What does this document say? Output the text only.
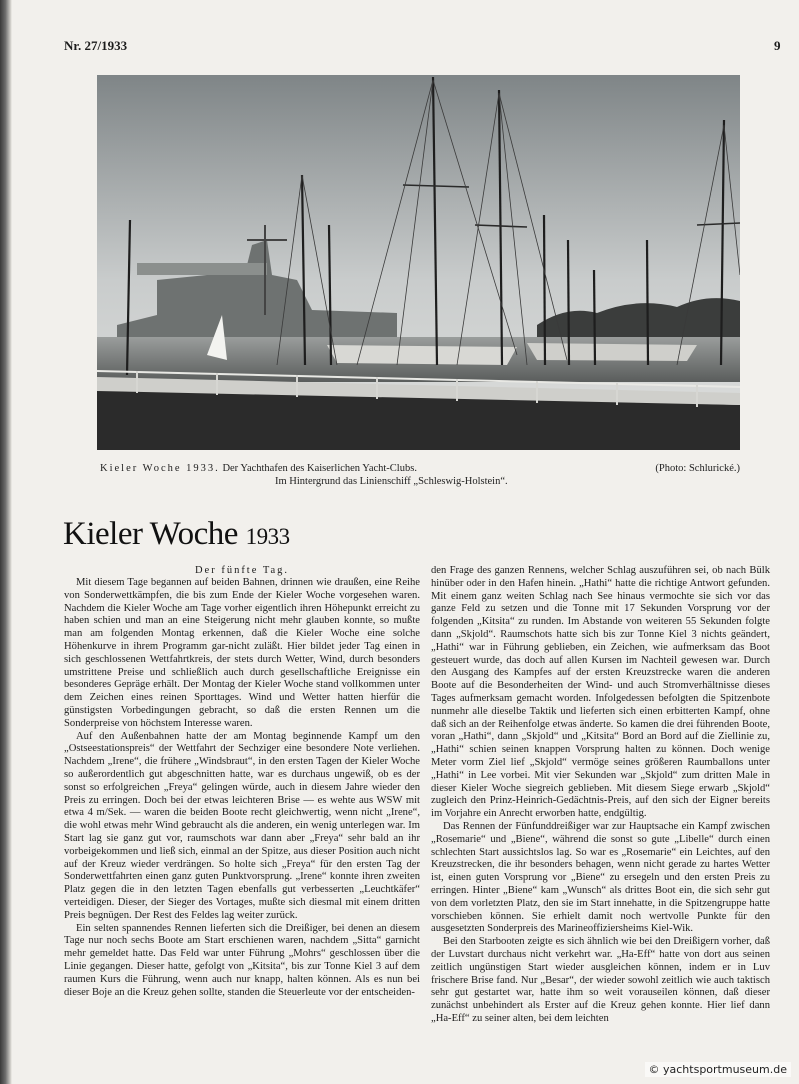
Nr. 27/1933	9
Kieler Woche 1933. Der Yachthafen des Kaiserlichen Yacht-Clubs.
Im Hintergrund das Linienschiff „Schleswig-Holstein“.
(Photo: Schlurické.)
Kieler Woche 1933
Der fünfte Tag.

Mit diesem Tage begannen auf beiden Bahnen, drinnen wie draußen, eine Reihe von Sonderwettkämpfen, die bis zum Ende der Kieler Woche vorgesehen waren. Nachdem die Kieler Woche am Tage vorher eigentlich ihren Höhepunkt erreicht zu haben schien und man an eine Steigerung nicht mehr glauben konnte, so mußte man am folgenden Montag erkennen, daß die Kieler Woche eine solche Höhenkurve in ihrem Programm gar-nicht zuläßt. Hier bildet jeder Tag einen in sich geschlossenen Wettfahrtkreis, der stets durch Wetter, Wind, durch besonders umstrittene Preise und schließlich auch durch gesellschaftliche Ereignisse ein besonderes Gepräge erhält. Der Montag der Kieler Woche stand vollkommen unter dem Zeichen eines reinen Sporttages. Wind und Wetter hatten hierfür die günstigsten Vorbedingungen gebracht, so daß die ersten Rennen um die Sonderpreise von höchstem Interesse waren.

Auf den Außenbahnen hatte der am Montag beginnende Kampf um den „Ostseestationspreis“ der Wettfahrt der Sechziger eine besondere Note verliehen. Nachdem „Irene“, die frühere „Windsbraut“, in den ersten Tagen der Kieler Woche so außerordentlich gut abgeschnitten hatte, war es durchaus ungewiß, ob es der sonst so erfolgreichen „Freya“ gelingen würde, auch in diesem Jahre wieder den Preis zu erringen. Doch bei der etwas leichteren Brise — es wehte aus WSW mit etwa 4 m/Sek. — waren die beiden Boote recht gleichwertig, wenn nicht „Irene“, die wohl etwas mehr Wind gebraucht als die anderen, ein wenig unterlegen war. Im Start lag sie ganz gut vor, raumschots war dann aber „Freya“ sehr bald an ihr vorbeigekommen und ließ sich, einmal an der Spitze, aus dieser Position auch nicht auf der Kreuz wieder verdrängen. So holte sich „Freya“ für den ersten Tag der Sonderwettfahrten einen ganz guten Punktvorsprung. „Irene“ konnte ihren zweiten Platz gegen die in den letzten Tagen ebenfalls gut verbesserten „Leuchtkäfer“ verteidigen. Dieser, der Sieger des Vortages, mußte sich diesmal mit einem dritten Preis begnügen. Der Rest des Feldes lag weiter zurück.

Ein selten spannendes Rennen lieferten sich die Dreißiger, bei denen an diesem Tage nur noch sechs Boote am Start erschienen waren, nachdem „Sitta“ garnicht mehr gemeldet hatte. Das Feld war unter Führung „Mohrs“ geschlossen über die Linie gegangen. Dieser hatte, gefolgt von „Kitsita“, bis zur Tonne Kiel 3 auf dem raumen Kurs die Führung, wenn auch nur knapp, halten können. Als es nun bei dieser Boje an die Kreuz gehen sollte, standen die Steuerleute vor der entscheiden-

den Frage des ganzen Rennens, welcher Schlag auszuführen sei, ob nach Bülk hinüber oder in den Hafen hinein. „Hathi“ hatte die richtige Antwort gefunden. Mit einem ganz weiten Schlag nach See hinaus vermochte sie sich vor das ganze Feld zu setzen und die Tonne mit 17 Sekunden Vorsprung vor der folgenden „Kitsita“ zu runden. Im Abstande von weiteren 55 Sekunden folgte dann „Skjold“. Raumschots hatte sich bis zur Tonne Kiel 3 nichts geändert, „Hathi“ war in Führung geblieben, ein Zeichen, wie aufmerksam das Boot gesteuert wurde, das doch auf allen Kursen im Nachteil gewesen war. Durch den Ausgang des Kampfes auf der ersten Kreuzstrecke waren die anderen Boote auf die Besonderheiten der Wind- und auch Stromverhältnisse dieses Tages aufmerksam gemacht worden. Infolgedessen befolgten die Spitzenbote nunmehr alle dieselbe Taktik und lieferten sich einen erbitterten Kampf, ohne daß sich an der Reihenfolge etwas änderte. So kamen die drei führenden Boote, voran „Hathi“, dann „Skjold“ und „Kitsita“ Bord an Bord auf die Ziellinie zu, „Hathi“ schien seinen knappen Vorsprung halten zu können. Doch wenige Meter vorm Ziel lief „Skjold“ vermöge seines größeren Raumballons unter „Hathi“ in Lee vorbei. Mit vier Sekunden war „Skjold“ zum dritten Male in dieser Kieler Woche siegreich geblieben. Mit diesem Siege erwarb „Skjold“ zugleich den Prinz-Heinrich-Gedächtnis-Preis, auf den sich der Eigner bereits im Vorjahre ein Anrecht erworben hatte, endgültig.

Das Rennen der Fünfunddreißiger war zur Hauptsache ein Kampf zwischen „Rosemarie“ und „Biene“, während die sonst so gute „Libelle“ durch einen schlechten Start aussichtslos lag. So war es „Rosemarie“ ein Leichtes, auf den Kreuzstrecken, die ihr besonders behagen, wenn nicht gerade zu hartes Wetter ist, einen guten Vorsprung vor „Biene“ zu ersegeln und den ersten Preis zu erringen. Hinter „Biene“ kam „Wunsch“ als drittes Boot ein, die sich sehr gut von dem vorletzten Platz, den sie im Start innehatte, in die Spitzengruppe hatte vorschieben können. Sie erhielt damit noch wertvolle Punkte für den ausgesetzten Sonderpreis des Marineoffiziersheims Kiel-Wik.

Bei den Starbooten zeigte es sich ähnlich wie bei den Dreißigern vorher, daß der Luvstart durchaus nicht verkehrt war. „Ha-Eff“ hatte von dort aus seinen zeitlich ungünstigen Start wieder ausgleichen können, indem er in Luv frischere Brise fand. Nur „Besar“, der wieder sowohl zeitlich wie auch taktisch sehr gut gestartet war, hatte ihm so weit vorauseilen können, daß dieser zunächst unbehindert als Erster auf die Kreuz gehen konnte. Hier lief dann „Ha-Eff“ zu seiner alten, bei dem leichten

© yachtsportmuseum.de
